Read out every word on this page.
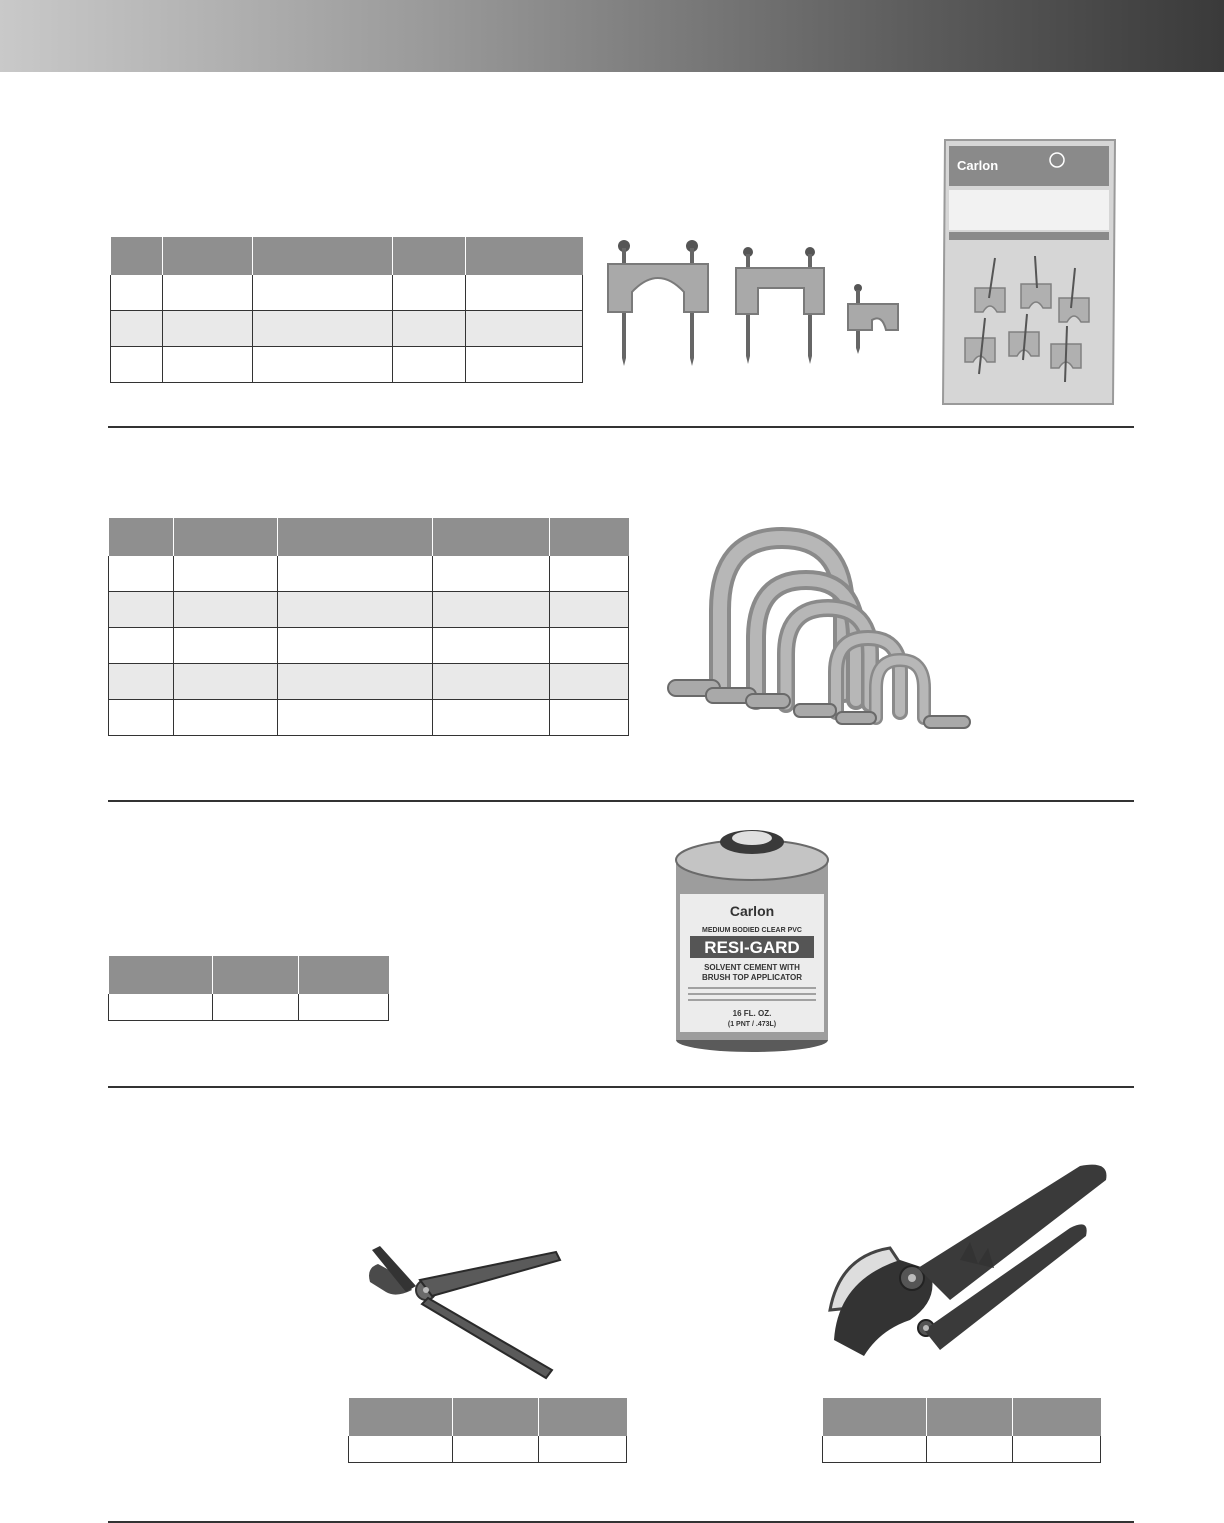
Carlon

Carlon
MEDIUM BODIED CLEAR PVC
RESI-GARD
SOLVENT CEMENT WITH
BRUSH TOP APPLICATOR
16 FL. OZ.
(1 PNT / .473L)
